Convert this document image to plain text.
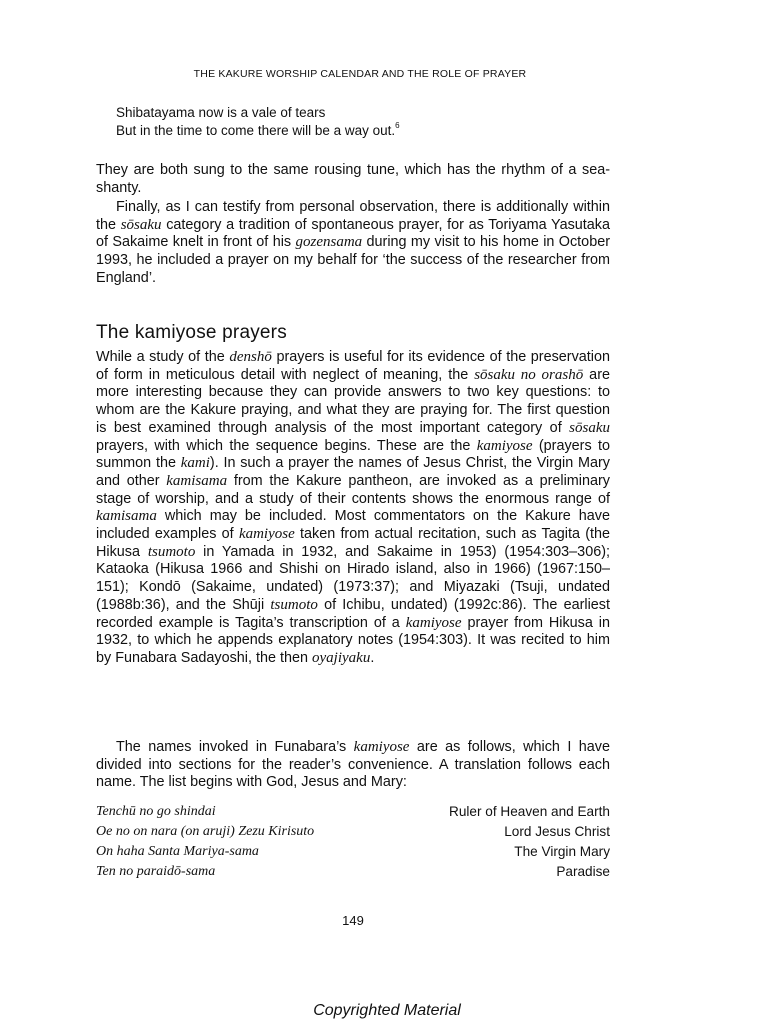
THE KAKURE WORSHIP CALENDAR AND THE ROLE OF PRAYER
Shibatayama now is a vale of tears
But in the time to come there will be a way out.$^6$
They are both sung to the same rousing tune, which has the rhythm of a sea-shanty.
Finally, as I can testify from personal observation, there is additionally within the sōsaku category a tradition of spontaneous prayer, for as Toriyama Yasutaka of Sakaime knelt in front of his gozensama during my visit to his home in October 1993, he included a prayer on my behalf for ‘the success of the researcher from England’.
The kamiyose prayers
While a study of the denshō prayers is useful for its evidence of the preservation of form in meticulous detail with neglect of meaning, the sōsaku no orashō are more interesting because they can provide answers to two key questions: to whom are the Kakure praying, and what they are praying for. The first question is best examined through analysis of the most important category of sōsaku prayers, with which the sequence begins. These are the kamiyose (prayers to summon the kami). In such a prayer the names of Jesus Christ, the Virgin Mary and other kamisama from the Kakure pantheon, are invoked as a preliminary stage of worship, and a study of their contents shows the enormous range of kamisama which may be included. Most commentators on the Kakure have included examples of kamiyose taken from actual recitation, such as Tagita (the Hikusa tsumoto in Yamada in 1932, and Sakaime in 1953) (1954:303–306); Kataoka (Hikusa 1966 and Shishi on Hirado island, also in 1966) (1967:150–151); Kondō (Sakaime, undated) (1973:37); and Miyazaki (Tsuji, undated (1988b:36), and the Shūji tsumoto of Ichibu, undated) (1992c:86). The earliest recorded example is Tagita’s transcription of a kamiyose prayer from Hikusa in 1932, to which he appends explanatory notes (1954:303). It was recited to him by Funabara Sadayoshi, the then oyajiyaku.
The names invoked in Funabara’s kamiyose are as follows, which I have divided into sections for the reader’s convenience. A translation follows each name. The list begins with God, Jesus and Mary:
Tenchū no go shindai	Ruler of Heaven and Earth
Oe no on nara (on aruji) Zezu Kirisuto	Lord Jesus Christ
On haha Santa Mariya-sama	The Virgin Mary
Ten no paraidō-sama	Paradise
149
Copyrighted Material
